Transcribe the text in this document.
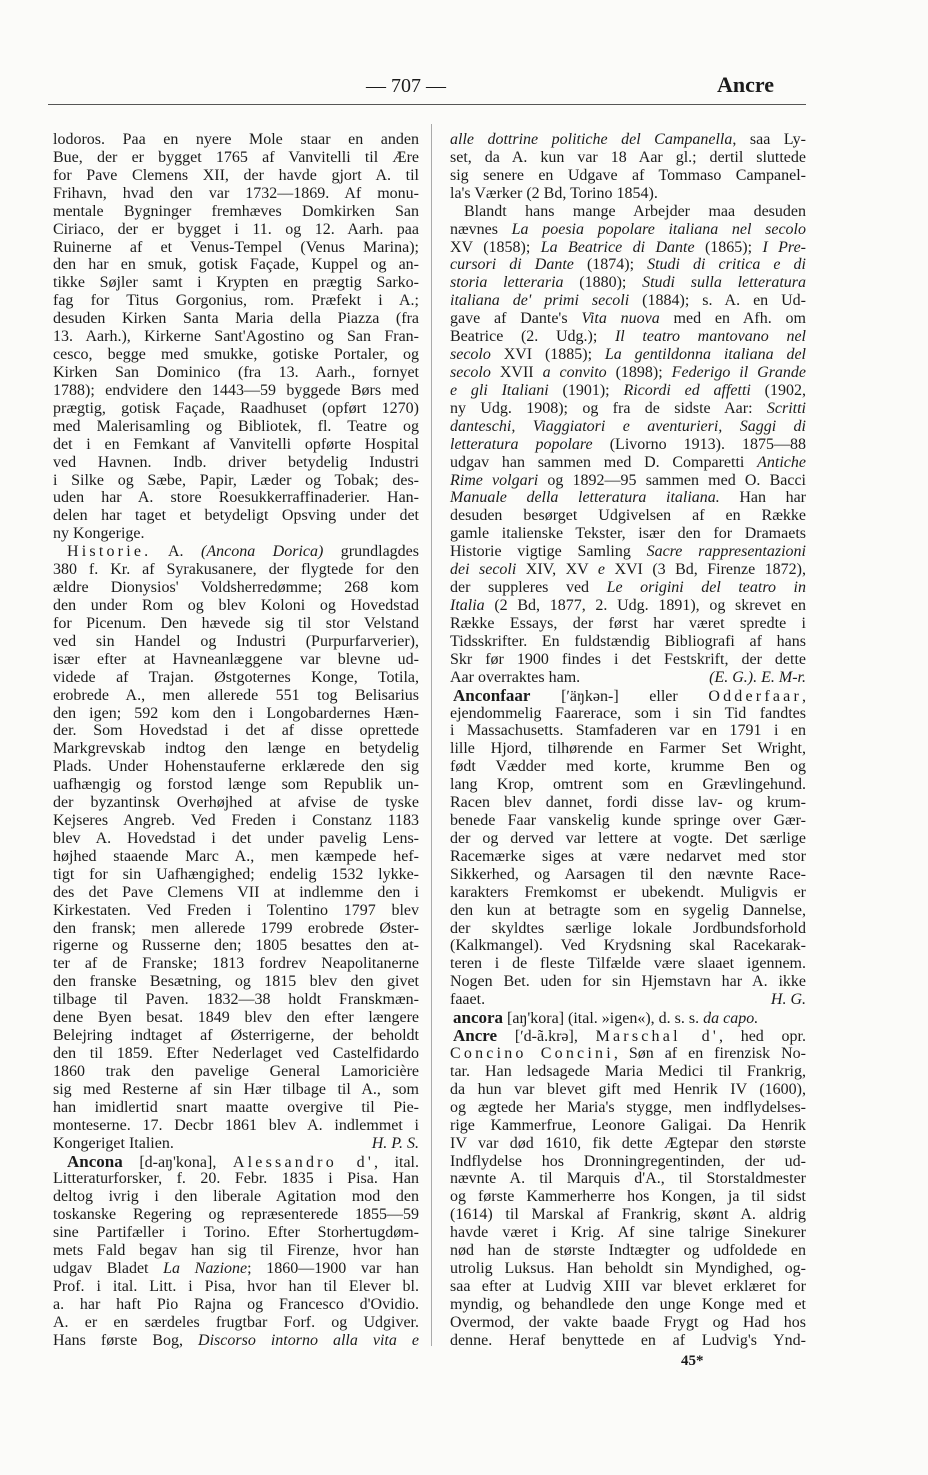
— 707 —	Ancre
lodoros. Paa en nyere Mole staar en anden
Bue, der er bygget 1765 af Vanvitelli til Ære
for Pave Clemens XII, der havde gjort A. til
Frihavn, hvad den var 1732—1869. Af monu-
mentale Bygninger fremhæves Domkirken San
Ciriaco, der er bygget i 11. og 12. Aarh. paa
Ruinerne af et Venus-Tempel (Venus Marina);
den har en smuk, gotisk Façade, Kuppel og an-
tikke Søjler samt i Krypten en prægtig Sarko-
fag for Titus Gorgonius, rom. Præfekt i A.;
desuden Kirken Santa Maria della Piazza (fra
13. Aarh.), Kirkerne Sant'Agostino og San Fran-
cesco, begge med smukke, gotiske Portaler, og
Kirken San Dominico (fra 13. Aarh., fornyet
1788); endvidere den 1443—59 byggede Børs med
prægtig, gotisk Façade, Raadhuset (opført 1270)
med Malerisamling og Bibliotek, fl. Teatre og
det i en Femkant af Vanvitelli opførte Hospital
ved Havnen. Indb. driver betydelig Industri
i Silke og Sæbe, Papir, Læder og Tobak; des-
uden har A. store Roesukkerraffinaderier. Han-
delen har taget et betydeligt Opsving under det
ny Kongerige.
Historie. A. (Ancona Dorica) grundlagdes
380 f. Kr. af Syrakusanere, der flygtede for den
ældre Dionysios' Voldsherredømme; 268 kom
den under Rom og blev Koloni og Hovedstad
for Picenum. Den hævede sig til stor Velstand
ved sin Handel og Industri (Purpurfarverier),
især efter at Havneanlæggene var blevne ud-
videde af Trajan. Østgoternes Konge, Totila,
erobrede A., men allerede 551 tog Belisarius
den igen; 592 kom den i Longobardernes Hæn-
der. Som Hovedstad i det af disse oprettede
Markgrevskab indtog den længe en betydelig
Plads. Under Hohenstauferne erklærede den sig
uafhængig og forstod længe som Republik un-
der byzantinsk Overhøjhed at afvise de tyske
Kejseres Angreb. Ved Freden i Constanz 1183
blev A. Hovedstad i det under pavelig Lens-
højhed staaende Marc A., men kæmpede hef-
tigt for sin Uafhængighed; endelig 1532 lykke-
des det Pave Clemens VII at indlemme den i
Kirkestaten. Ved Freden i Tolentino 1797 blev
den fransk; men allerede 1799 erobrede Øster-
rigerne og Russerne den; 1805 besattes den at-
ter af de Franske; 1813 fordrev Neapolitanerne
den franske Besætning, og 1815 blev den givet
tilbage til Paven. 1832—38 holdt Franskmæn-
dene Byen besat. 1849 blev den efter længere
Belejring indtaget af Østerrigerne, der beholdt
den til 1859. Efter Nederlaget ved Castelfidardo
1860 trak den pavelige General Lamoricière
sig med Resterne af sin Hær tilbage til A., som
han imidlertid snart maatte overgive til Pie-
monteserne. 17. Decbr 1861 blev A. indlemmet i
Kongeriget Italien.	H. P. S.
Ancona [d-aŋ'kona], Alessandro d', ital.
Litteraturforsker, f. 20. Febr. 1835 i Pisa. Han
deltog ivrig i den liberale Agitation mod den
toskanske Regering og repræsenterede 1855—59
sine Partifæller i Torino. Efter Storhertugdøm-
mets Fald begav han sig til Firenze, hvor han
udgav Bladet La Nazione; 1860—1900 var han
Prof. i ital. Litt. i Pisa, hvor han til Elever bl.
a. har haft Pio Rajna og Francesco d'Ovidio.
A. er en særdeles frugtbar Forf. og Udgiver.
Hans første Bog, Discorso intorno alla vita e
alle dottrine politiche del Campanella, saa Ly-
set, da A. kun var 18 Aar gl.; dertil sluttede
sig senere en Udgave af Tommaso Campanel-
la's Værker (2 Bd, Torino 1854).
Blandt hans mange Arbejder maa desuden
nævnes La poesia popolare italiana nel secolo
XV (1858); La Beatrice di Dante (1865); I Pre-
cursori di Dante (1874); Studi di critica e di
storia letteraria (1880); Studi sulla letteratura
italiana de' primi secoli (1884); s. A. en Ud-
gave af Dante's Vita nuova med en Afh. om
Beatrice (2. Udg.); Il teatro mantovano nel
secolo XVI (1885); La gentildonna italiana del
secolo XVII a convito (1898); Federigo il Grande
e gli Italiani (1901); Ricordi ed affetti (1902,
ny Udg. 1908); og fra de sidste Aar: Scritti
danteschi, Viaggiatori e aventurieri, Saggi di
letteratura popolare (Livorno 1913). 1875—88
udgav han sammen med D. Comparetti Antiche
Rime volgari og 1892—95 sammen med O. Bacci
Manuale della letteratura italiana. Han har
desuden besørget Udgivelsen af en Række
gamle italienske Tekster, især den for Dramaets
Historie vigtige Samling Sacre rappresentazioni
dei secoli XIV, XV e XVI (3 Bd, Firenze 1872),
der suppleres ved Le origini del teatro in
Italia (2 Bd, 1877, 2. Udg. 1891), og skrevet en
Række Essays, der først har været spredte i
Tidsskrifter. En fuldstændig Bibliografi af hans
Skr før 1900 findes i det Festskrift, der dette
Aar overraktes ham.	(E. G.). E. M-r.
Anconfaar [ʹäŋkən-] eller Odderfaar,
ejendommelig Faarerace, som i sin Tid fandtes
i Massachusetts. Stamfaderen var en 1791 i en
lille Hjord, tilhørende en Farmer Set Wright,
født Vædder med korte, krumme Ben og
lang Krop, omtrent som en Grævlingehund.
Racen blev dannet, fordi disse lav- og krum-
benede Faar vanskelig kunde springe over Gær-
der og derved var lettere at vogte. Det særlige
Racemærke siges at være nedarvet med stor
Sikkerhed, og Aarsagen til den nævnte Race-
karakters Fremkomst er ubekendt. Muligvis er
den kun at betragte som en sygelig Dannelse,
der skyldtes særlige lokale Jordbundsforhold
(Kalkmangel). Ved Krydsning skal Racekarak-
teren i de fleste Tilfælde være slaaet igennem.
Nogen Bet. uden for sin Hjemstavn har A. ikke
faaet.	H. G.
ancora [aŋ'kora] (ital. »igen«), d. s. s. da capo.
Ancre [ʹd-ã.krə], Marschal d', hed opr.
Concino Concini, Søn af en firenzisk No-
tar. Han ledsagede Maria Medici til Frankrig,
da hun var blevet gift med Henrik IV (1600),
og ægtede her Maria's stygge, men indflydelses-
rige Kammerfrue, Leonore Galigai. Da Henrik
IV var død 1610, fik dette Ægtepar den største
Indflydelse hos Dronningregentinden, der ud-
nævnte A. til Marquis d'A., til Storstaldmester
og første Kammerherre hos Kongen, ja til sidst
(1614) til Marskal af Frankrig, skønt A. aldrig
havde været i Krig. Af sine talrige Sinekurer
nød han de største Indtægter og udfoldede en
utrolig Luksus. Han beholdt sin Myndighed, og-
saa efter at Ludvig XIII var blevet erklæret for
myndig, og behandlede den unge Konge med et
Overmod, der vakte baade Frygt og Had hos
denne. Heraf benyttede en af Ludvig's Ynd-
45*
